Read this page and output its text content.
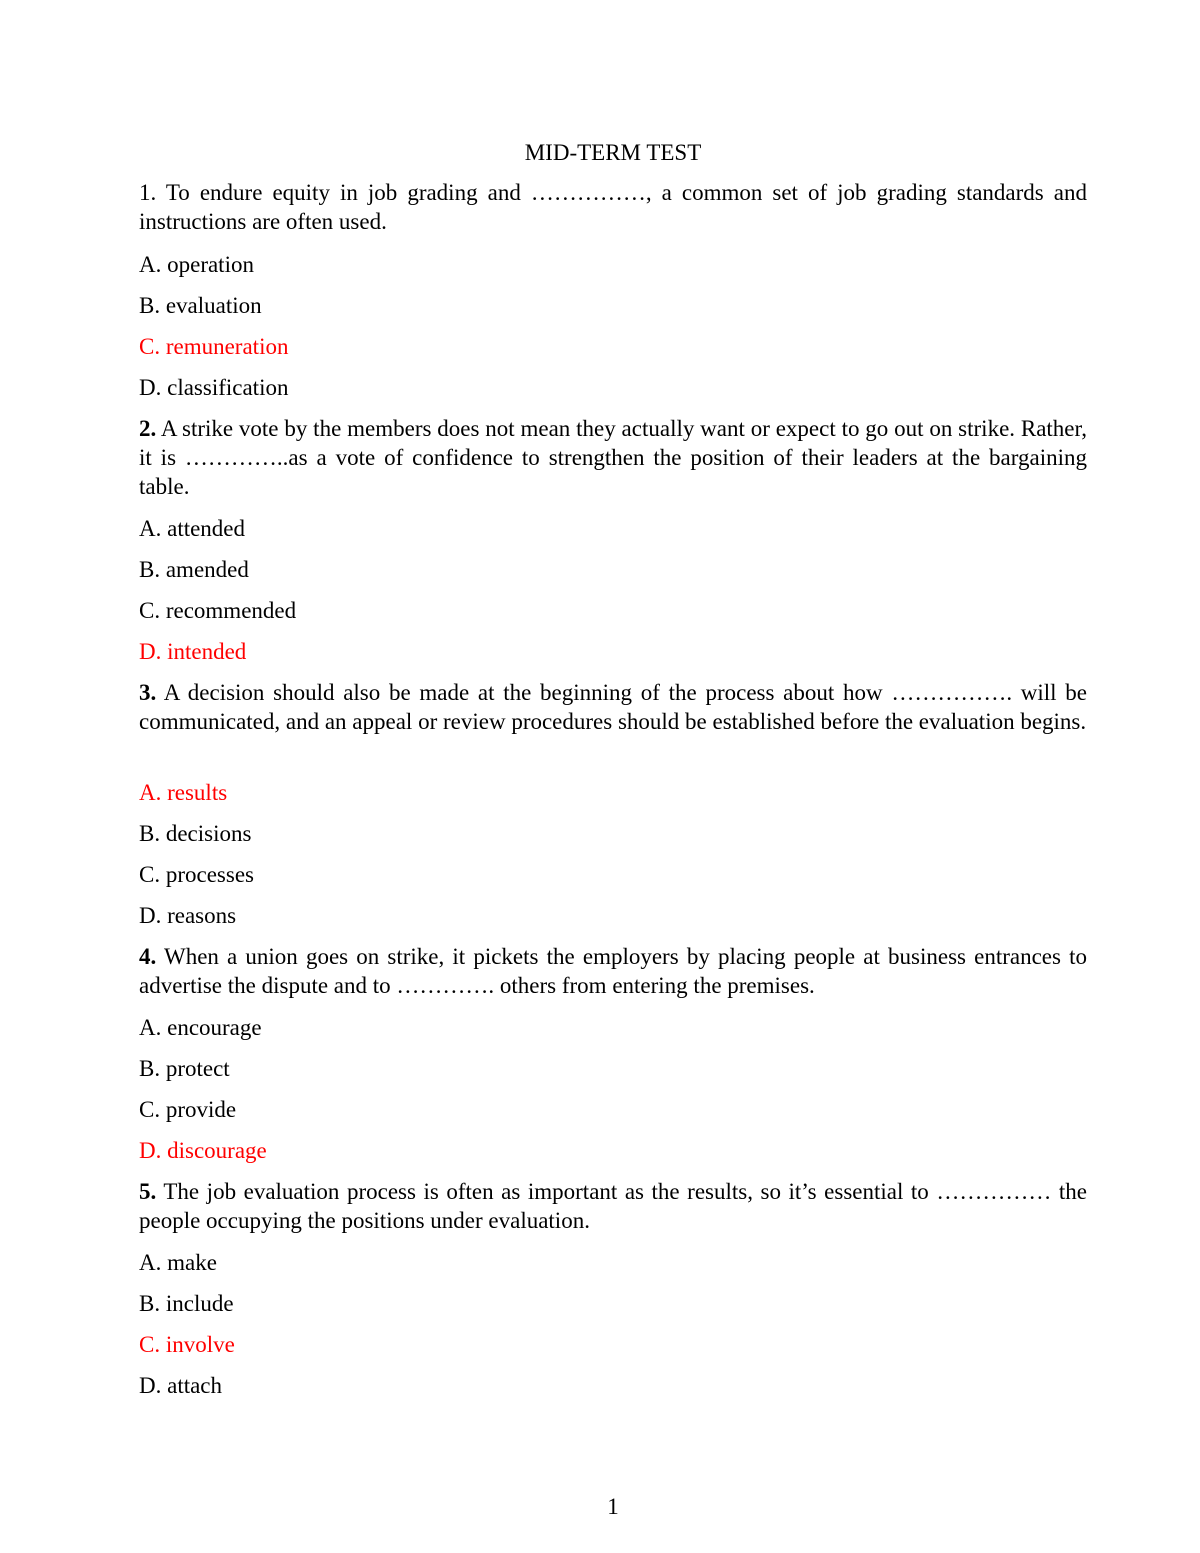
MID-TERM TEST

1. To endure equity in job grading and ……………, a common set of job grading standards and instructions are often used.

A. operation
B. evaluation
C. remuneration
D. classification

2. A strike vote by the members does not mean they actually want or expect to go out on strike. Rather, it is …………..as a vote of confidence to strengthen the position of their leaders at the bargaining table.

A. attended
B. amended
C. recommended
D. intended

3. A decision should also be made at the beginning of the process about how ……………. will be communicated, and an appeal or review procedures should be established before the evaluation begins.

A. results
B. decisions
C. processes
D. reasons

4. When a union goes on strike, it pickets the employers by placing people at business entrances to advertise the dispute and to …………. others from entering the premises.

A. encourage
B. protect
C. provide
D. discourage

5. The job evaluation process is often as important as the results, so it’s essential to …………… the people occupying the positions under evaluation.

A. make
B. include
C. involve
D. attach
1
